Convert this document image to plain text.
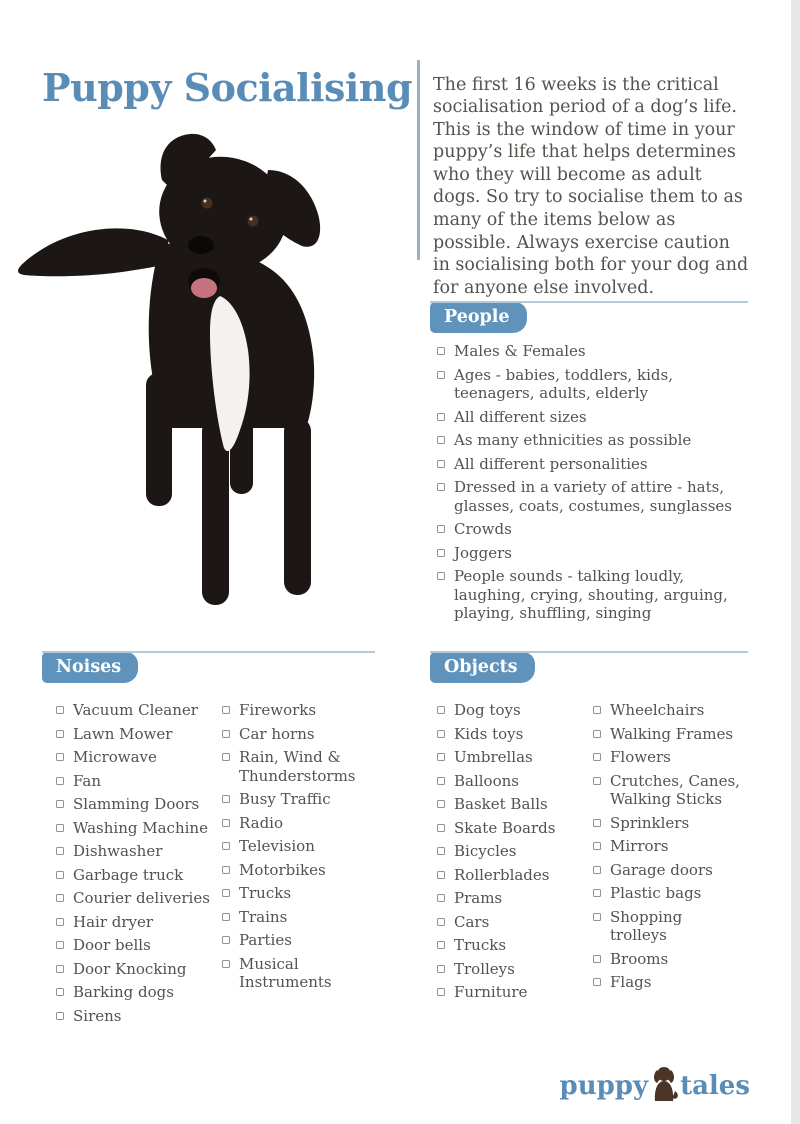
Puppy Socialising The first 16 weeks is the critical socialisation period of a dog’s life. This is the window of time in your puppy’s life that helps determines who they will become as adult dogs. So try to socialise them to as many of the items below as possible. Always exercise caution in socialising both for your dog and for anyone else involved.

People
Males & Females
Ages - babies, toddlers, kids, teenagers, adults, elderly
All different sizes
As many ethnicities as possible
All different personalities
Dressed in a variety of attire - hats, glasses, coats, costumes, sunglasses
Crowds
Joggers
People sounds - talking loudly, laughing, crying, shouting, arguing, playing, shuffling, singing
Noises
Vacuum Cleaner
Lawn Mower
Microwave
Fan
Slamming Doors
Washing Machine
Dishwasher
Garbage truck
Courier deliveries
Hair dryer
Door bells
Door Knocking
Barking dogs
Sirens
Fireworks
Car horns
Rain, Wind & Thunderstorms
Busy Traffic
Radio
Television
Motorbikes
Trucks
Trains
Parties
Musical Instruments
Objects
Dog toys
Kids toys
Umbrellas
Balloons
Basket Balls
Skate Boards
Bicycles
Rollerblades
Prams
Cars
Trucks
Trolleys
Furniture
Wheelchairs
Walking Frames
Flowers
Crutches, Canes, Walking Sticks
Sprinklers
Mirrors
Garage doors
Plastic bags
Shopping trolleys
Brooms
Flags
puppy tales
